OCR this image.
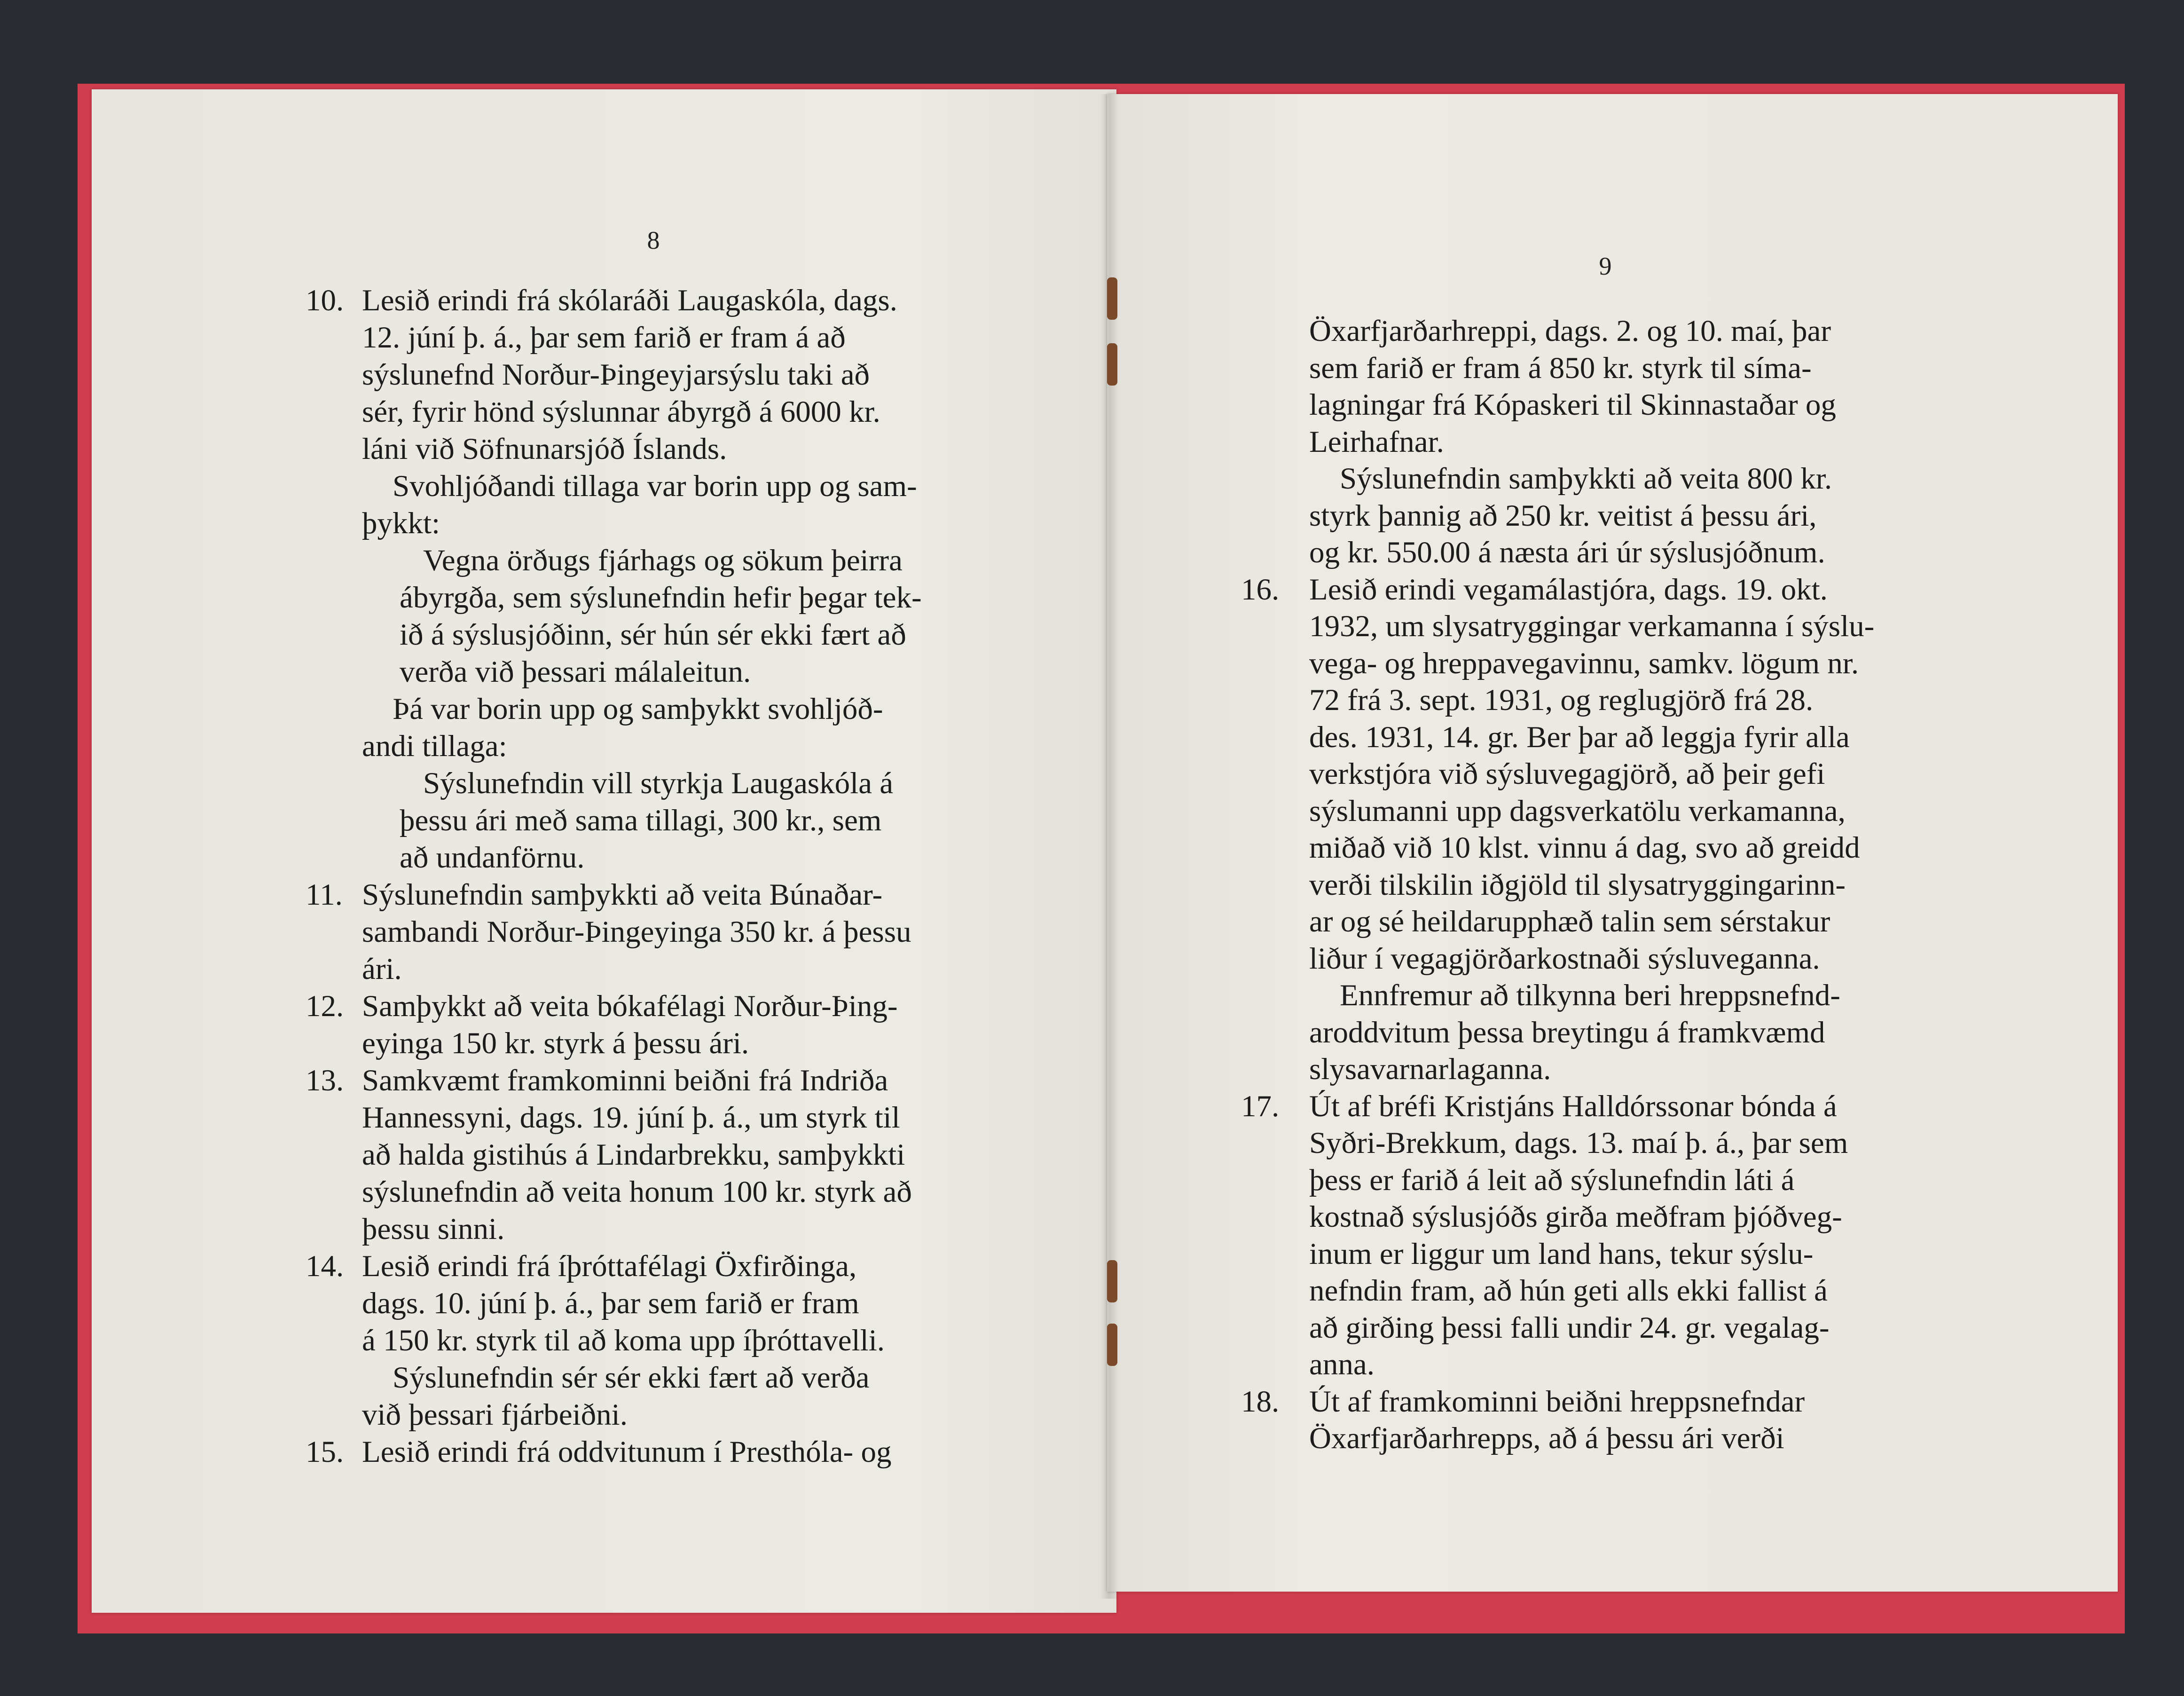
8
10. Lesið erindi frá skólaráði Laugaskóla, dags.
12. júní þ. á., þar sem farið er fram á að
sýslunefnd Norður-Þingeyjarsýslu taki að
sér, fyrir hönd sýslunnar ábyrgð á 6000 kr.
láni við Söfnunarsjóð Íslands.
Svohljóðandi tillaga var borin upp og sam-
þykkt:
Vegna örðugs fjárhags og sökum þeirra
ábyrgða, sem sýslunefndin hefir þegar tek-
ið á sýslusjóðinn, sér hún sér ekki fært að
verða við þessari málaleitun.
Þá var borin upp og samþykkt svohljóð-
andi tillaga:
Sýslunefndin vill styrkja Laugaskóla á
þessu ári með sama tillagi, 300 kr., sem
að undanförnu.
11. Sýslunefndin samþykkti að veita Búnaðar-
sambandi Norður-Þingeyinga 350 kr. á þessu
ári.
12. Samþykkt að veita bókafélagi Norður-Þing-
eyinga 150 kr. styrk á þessu ári.
13. Samkvæmt framkominni beiðni frá Indriða
Hannessyni, dags. 19. júní þ. á., um styrk til
að halda gistihús á Lindarbrekku, samþykkti
sýslunefndin að veita honum 100 kr. styrk að
þessu sinni.
14. Lesið erindi frá íþróttafélagi Öxfirðinga,
dags. 10. júní þ. á., þar sem farið er fram
á 150 kr. styrk til að koma upp íþróttavelli.
Sýslunefndin sér sér ekki fært að verða
við þessari fjárbeiðni.
15. Lesið erindi frá oddvitunum í Presthóla- og
9
Öxarfjarðarhreppi, dags. 2. og 10. maí, þar
sem farið er fram á 850 kr. styrk til síma-
lagningar frá Kópaskeri til Skinnastaðar og
Leirhafnar.
Sýslunefndin samþykkti að veita 800 kr.
styrk þannig að 250 kr. veitist á þessu ári,
og kr. 550.00 á næsta ári úr sýslusjóðnum.
16. Lesið erindi vegamálastjóra, dags. 19. okt.
1932, um slysatryggingar verkamanna í sýslu-
vega- og hreppavegavinnu, samkv. lögum nr.
72 frá 3. sept. 1931, og reglugjörð frá 28.
des. 1931, 14. gr. Ber þar að leggja fyrir alla
verkstjóra við sýsluvegagjörð, að þeir gefi
sýslumanni upp dagsverkatölu verkamanna,
miðað við 10 klst. vinnu á dag, svo að greidd
verði tilskilin iðgjöld til slysatryggingarinn-
ar og sé heildarupphæð talin sem sérstakur
liður í vegagjörðarkostnaði sýsluveganna.
Ennfremur að tilkynna beri hreppsnefnd-
aroddvitum þessa breytingu á framkvæmd
slysavarnarlaganna.
17. Út af bréfi Kristjáns Halldórssonar bónda á
Syðri-Brekkum, dags. 13. maí þ. á., þar sem
þess er farið á leit að sýslunefndin láti á
kostnað sýslusjóðs girða meðfram þjóðveg-
inum er liggur um land hans, tekur sýslu-
nefndin fram, að hún geti alls ekki fallist á
að girðing þessi falli undir 24. gr. vegalag-
anna.
18. Út af framkominni beiðni hreppsnefndar
Öxarfjarðarhrepps, að á þessu ári verði
